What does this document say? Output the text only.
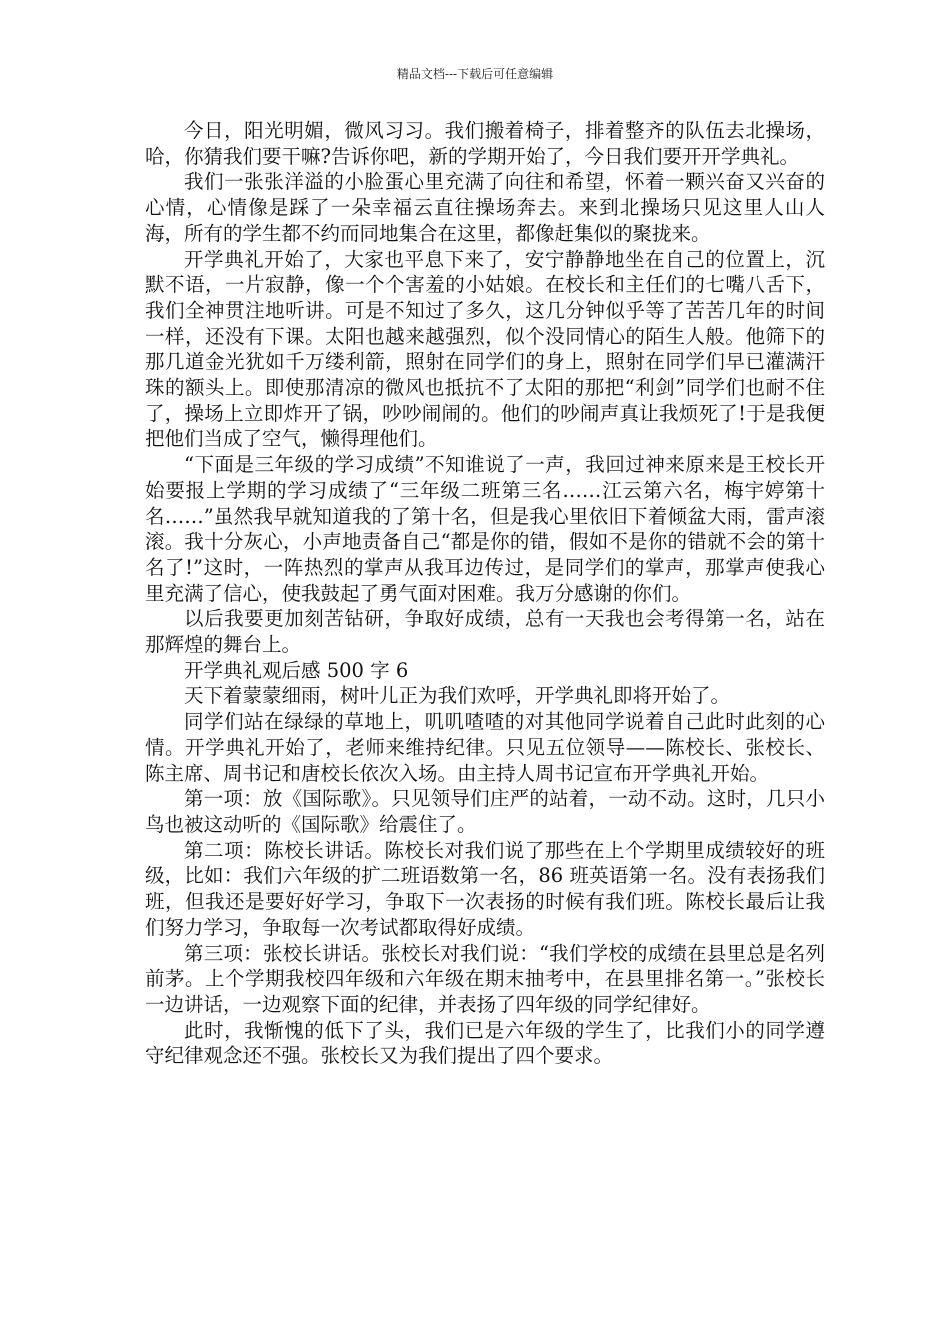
精品文档---下载后可任意编辑

今日，阳光明媚，微风习习。我们搬着椅子，排着整齐的队伍去北操场，哈，你猜我们要干嘛?告诉你吧，新的学期开始了，今日我们要开开学典礼。

我们一张张洋溢的小脸蛋心里充满了向往和希望，怀着一颗兴奋又兴奋的心情，心情像是踩了一朵幸福云直往操场奔去。来到北操场只见这里人山人海，所有的学生都不约而同地集合在这里，都像赶集似的聚拢来。

开学典礼开始了，大家也平息下来了，安宁静静地坐在自己的位置上，沉默不语，一片寂静，像一个个害羞的小姑娘。在校长和主任们的七嘴八舌下，我们全神贯注地听讲。可是不知过了多久，这几分钟似乎等了苦苦几年的时间一样，还没有下课。太阳也越来越强烈，似个没同情心的陌生人般。他筛下的那几道金光犹如千万缕利箭，照射在同学们的身上，照射在同学们早已灌满汗珠的额头上。即使那清凉的微风也抵抗不了太阳的那把“利剑”同学们也耐不住了，操场上立即炸开了锅，吵吵闹闹的。他们的吵闹声真让我烦死了!于是我便把他们当成了空气，懒得理他们。

“下面是三年级的学习成绩”不知谁说了一声，我回过神来原来是王校长开始要报上学期的学习成绩了“三年级二班第三名……江云第六名，梅宇婷第十名……”虽然我早就知道我的了第十名，但是我心里依旧下着倾盆大雨，雷声滚滚。我十分灰心，小声地责备自己“都是你的错，假如不是你的错就不会的第十名了!”这时，一阵热烈的掌声从我耳边传过，是同学们的掌声，那掌声使我心里充满了信心，使我鼓起了勇气面对困难。我万分感谢的你们。

以后我要更加刻苦钻研，争取好成绩，总有一天我也会考得第一名，站在那辉煌的舞台上。

开学典礼观后感 500 字 6

天下着蒙蒙细雨，树叶儿正为我们欢呼，开学典礼即将开始了。

同学们站在绿绿的草地上，叽叽喳喳的对其他同学说着自己此时此刻的心情。开学典礼开始了，老师来维持纪律。只见五位领导——陈校长、张校长、陈主席、周书记和唐校长依次入场。由主持人周书记宣布开学典礼开始。

第一项：放《国际歌》。只见领导们庄严的站着，一动不动。这时，几只小鸟也被这动听的《国际歌》给震住了。

第二项：陈校长讲话。陈校长对我们说了那些在上个学期里成绩较好的班级，比如：我们六年级的扩二班语数第一名，86 班英语第一名。没有表扬我们班，但我还是要好好学习，争取下一次表扬的时候有我们班。陈校长最后让我们努力学习，争取每一次考试都取得好成绩。

第三项：张校长讲话。张校长对我们说：“我们学校的成绩在县里总是名列前茅。上个学期我校四年级和六年级在期末抽考中，在县里排名第一。”张校长一边讲话，一边观察下面的纪律，并表扬了四年级的同学纪律好。

此时，我惭愧的低下了头，我们已是六年级的学生了，比我们小的同学遵守纪律观念还不强。张校长又为我们提出了四个要求。
